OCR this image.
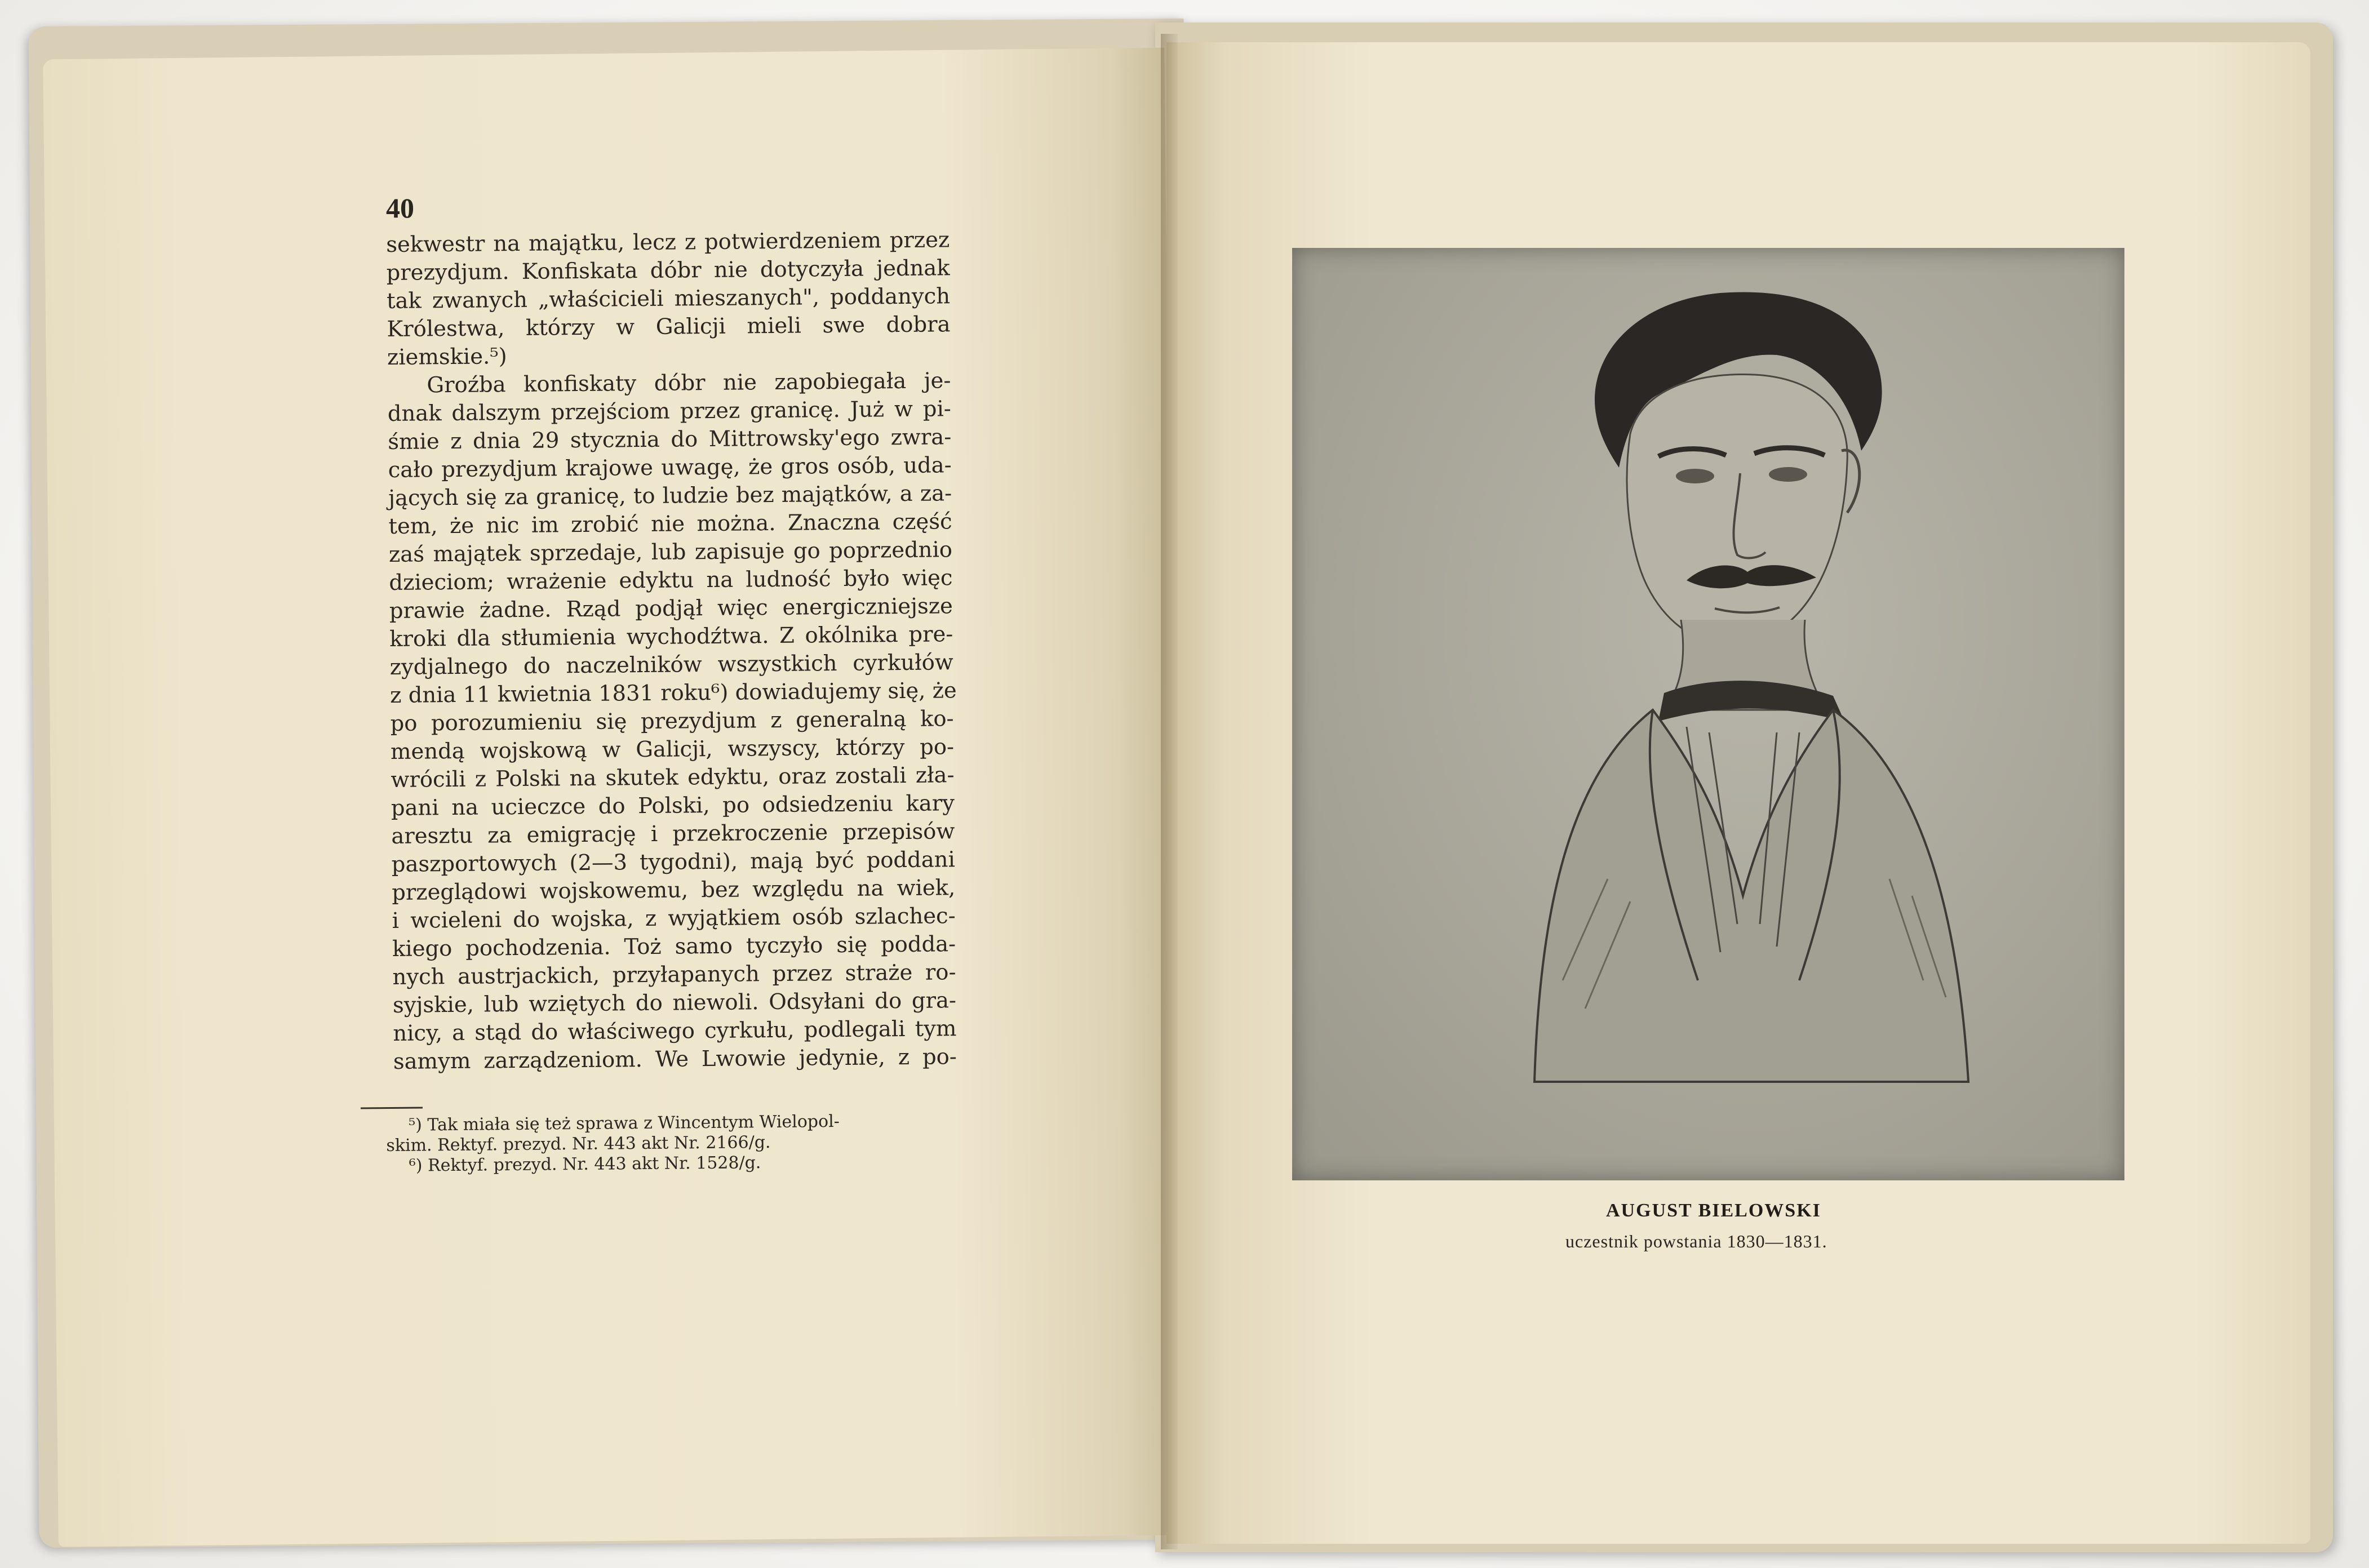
40
sekwestr na majątku, lecz z potwierdzeniem przez
prezydjum. Konfiskata dóbr nie dotyczyła jednak
tak zwanych „właścicieli mieszanych", poddanych
Królestwa, którzy w Galicji mieli swe dobra
ziemskie.⁵)
Groźba konfiskaty dóbr nie zapobiegała je-
dnak dalszym przejściom przez granicę. Już w pi-
śmie z dnia 29 stycznia do Mittrowsky'ego zwra-
cało prezydjum krajowe uwagę, że gros osób, uda-
jących się za granicę, to ludzie bez majątków, a za-
tem, że nic im zrobić nie można. Znaczna część
zaś majątek sprzedaje, lub zapisuje go poprzednio
dzieciom; wrażenie edyktu na ludność było więc
prawie żadne. Rząd podjął więc energiczniejsze
kroki dla stłumienia wychodźtwa. Z okólnika pre-
zydjalnego do naczelników wszystkich cyrkułów
z dnia 11 kwietnia 1831 roku⁶) dowiadujemy się, że
po porozumieniu się prezydjum z generalną ko-
mendą wojskową w Galicji, wszyscy, którzy po-
wrócili z Polski na skutek edyktu, oraz zostali zła-
pani na ucieczce do Polski, po odsiedzeniu kary
aresztu za emigrację i przekroczenie przepisów
paszportowych (2—3 tygodni), mają być poddani
przeglądowi wojskowemu, bez względu na wiek,
i wcieleni do wojska, z wyjątkiem osób szlachec-
kiego pochodzenia. Toż samo tyczyło się podda-
nych austrjackich, przyłapanych przez straże ro-
syjskie, lub wziętych do niewoli. Odsyłani do gra-
nicy, a stąd do właściwego cyrkułu, podlegali tym
samym zarządzeniom. We Lwowie jedynie, z po-
⁵) Tak miała się też sprawa z Wincentym Wielopol-
skim. Rektyf. prezyd. Nr. 443 akt Nr. 2166/g.
⁶) Rektyf. prezyd. Nr. 443 akt Nr. 1528/g.
AUGUST BIELOWSKI
uczestnik powstania 1830—1831.
